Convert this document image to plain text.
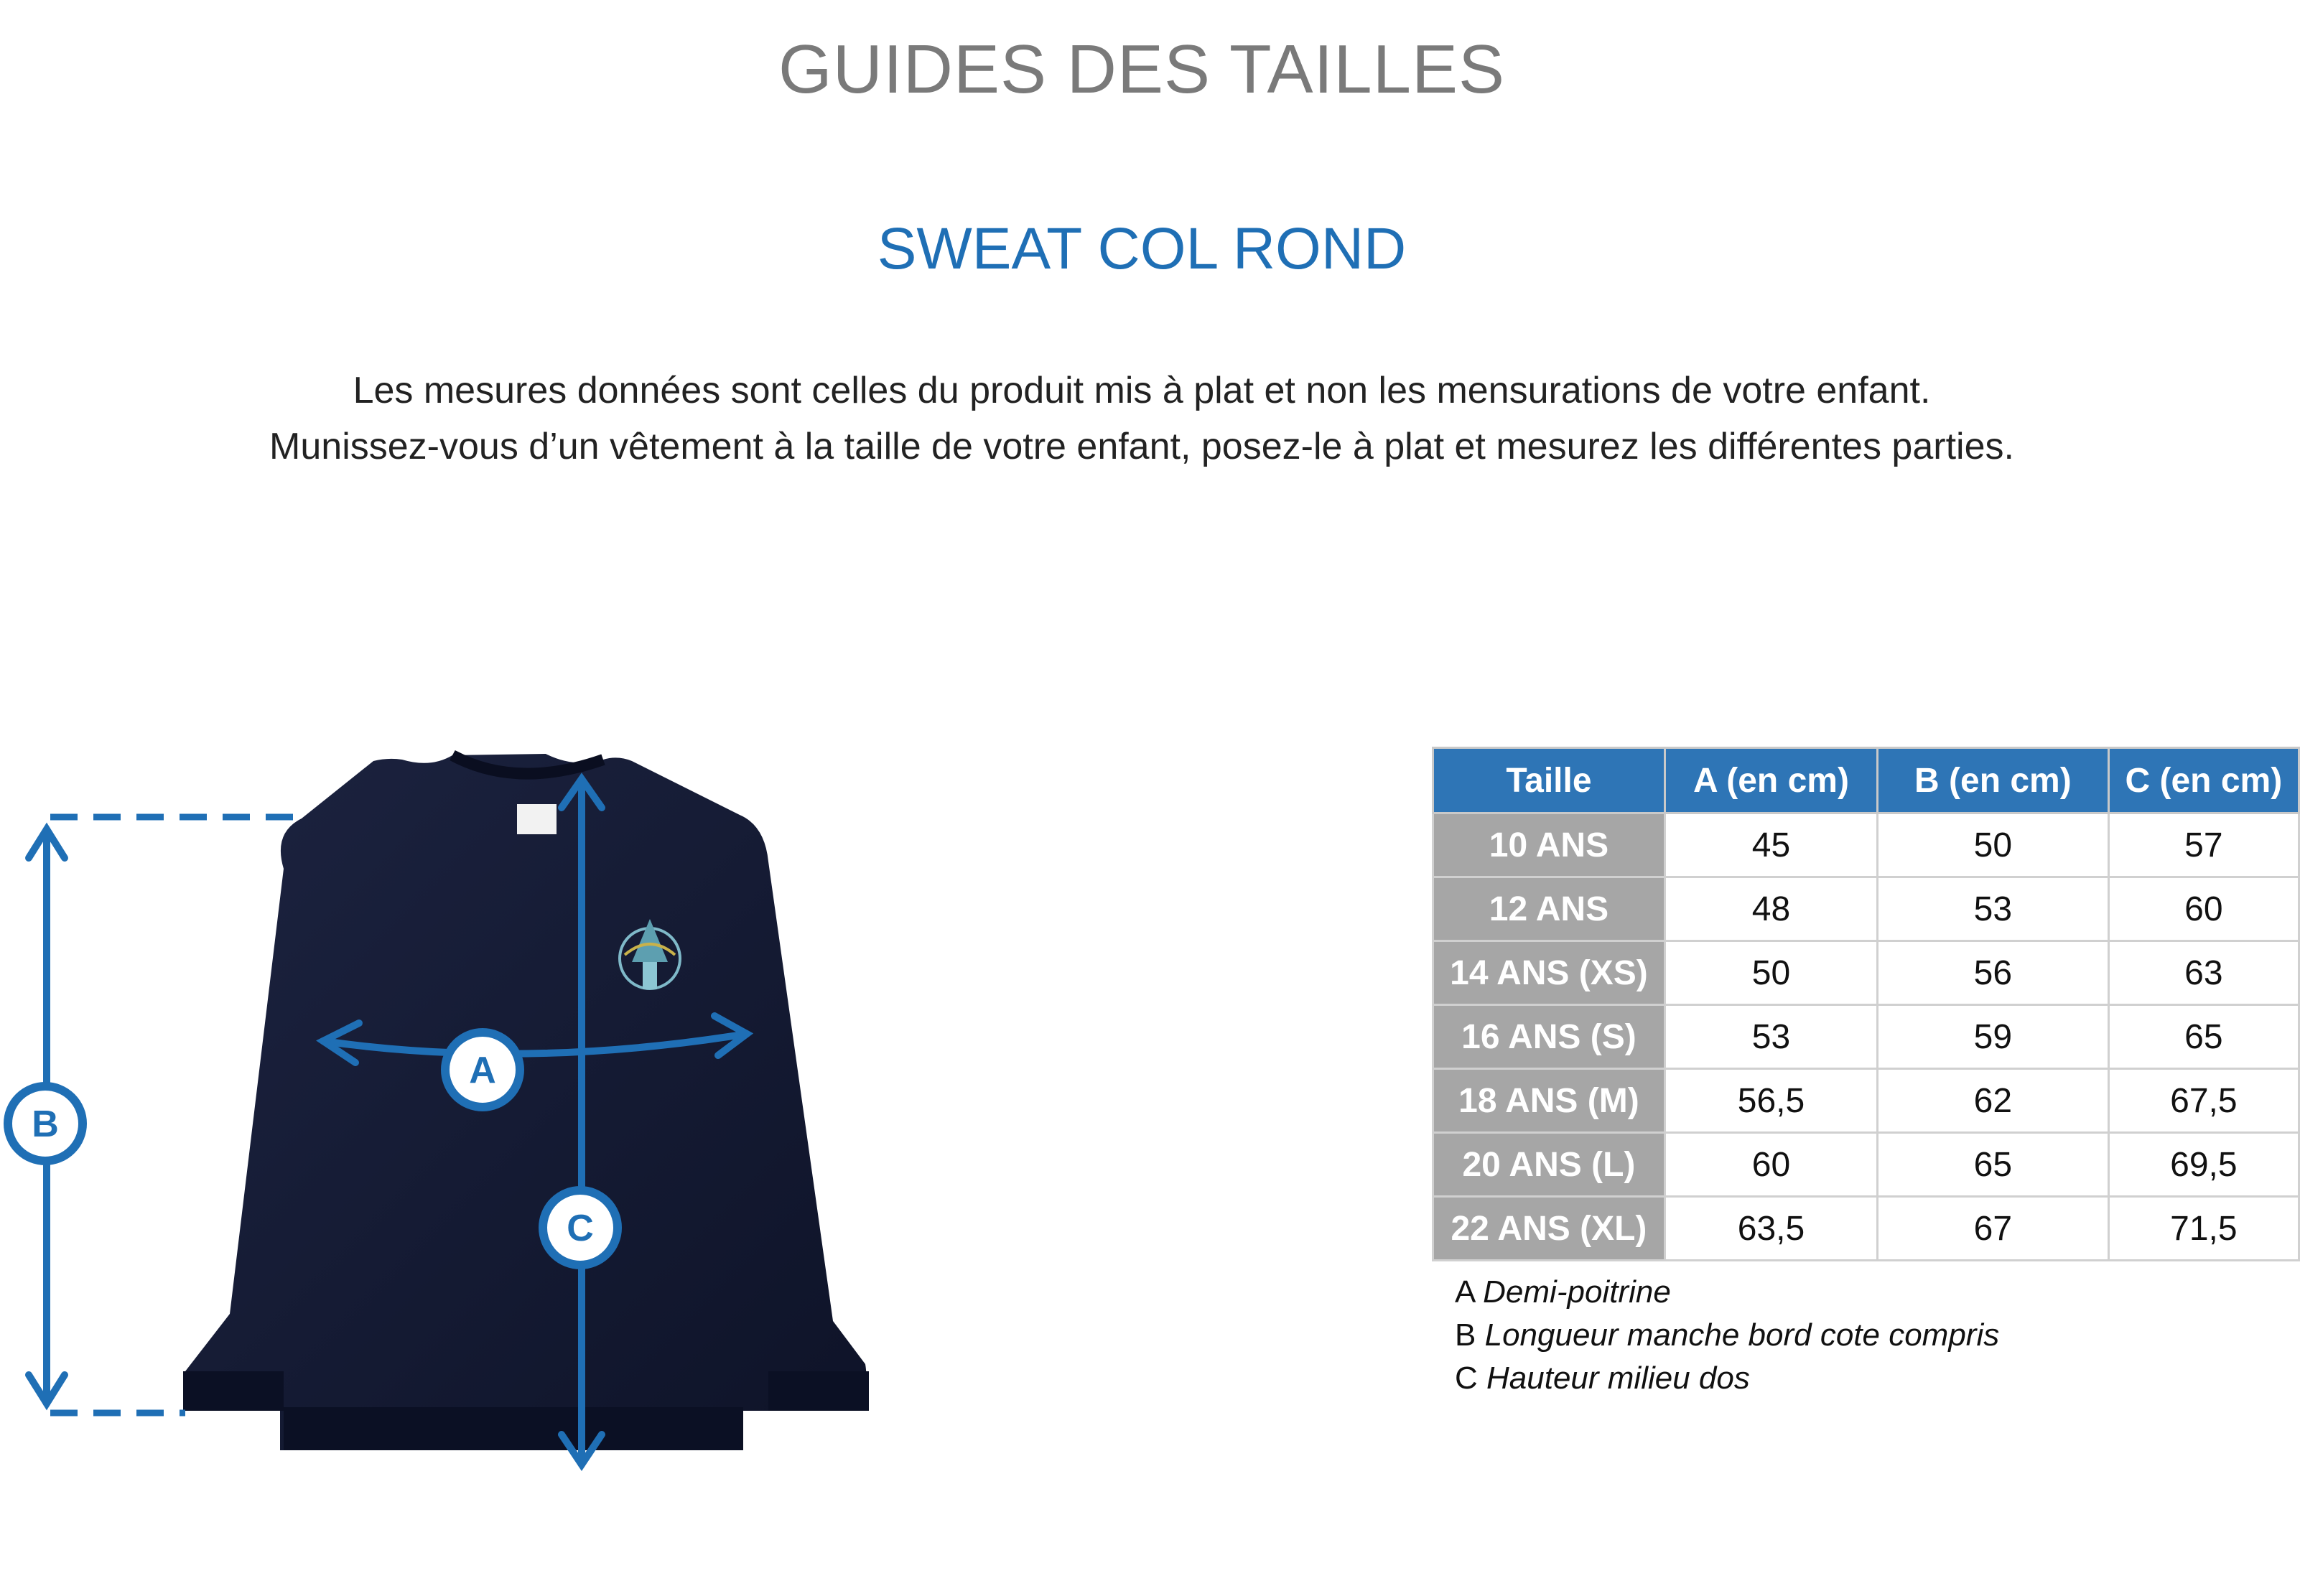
GUIDES DES TAILLES
SWEAT COL ROND
Les mesures données sont celles du produit mis à plat et non les mensurations de votre enfant.
Munissez-vous d’un vêtement à la taille de votre enfant, posez-le à plat et mesurez les différentes parties.
A
B
C
Taille	A (en cm)	B (en cm)	C (en cm)
10 ANS	45	50	57
12 ANS	48	53	60
14 ANS (XS)	50	56	63
16 ANS (S)	53	59	65
18 ANS (M)	56,5	62	67,5
20 ANS (L)	60	65	69,5
22 ANS (XL)	63,5	67	71,5
A Demi-poitrine
B Longueur manche bord cote compris
C Hauteur milieu dos
